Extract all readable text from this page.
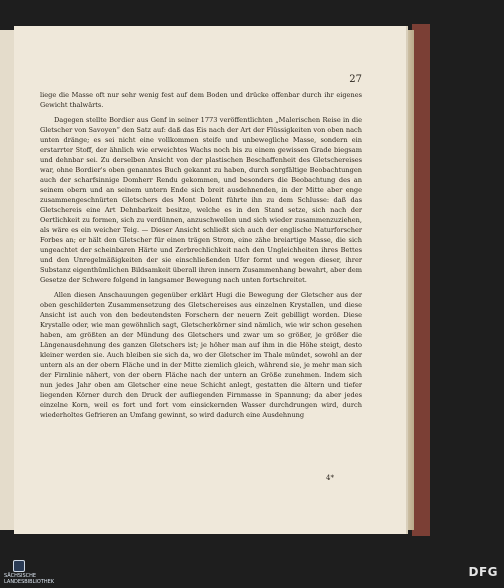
27

liege die Masse oft nur sehr wenig fest auf dem Boden und drücke offenbar durch ihr eigenes Gewicht thalwärts.

Dagegen stellte Bordier aus Genf in seiner 1773 veröffentlichten „Malerischen Reise in die Gletscher von Savoyen“ den Satz auf: daß das Eis nach der Art der Flüssigkeiten von oben nach unten dränge; es sei nicht eine vollkommen steife und unbewegliche Masse, sondern ein erstarrter Stoff, der ähnlich wie erweichtes Wachs noch bis zu einem gewissen Grade biegsam und dehnbar sei. Zu derselben Ansicht von der plastischen Beschaffenheit des Gletschereises war, ohne Bordier's oben genanntes Buch gekannt zu haben, durch sorgfältige Beobachtungen auch der scharfsinnige Domherr Rendu gekommen, und besonders die Beobachtung des an seinem obern und an seinem untern Ende sich breit ausdehnenden, in der Mitte aber enge zusammengeschnürten Gletschers des Mont Dolent führte ihn zu dem Schlusse: daß das Gletschereis eine Art Dehnbarkeit besitze, welche es in den Stand setze, sich nach der Oertlichkeit zu formen, sich zu verdünnen, anzuschwellen und sich wieder zusammenzuziehen, als wäre es ein weicher Teig. — Dieser Ansicht schließt sich auch der englische Naturforscher Forbes an; er hält den Gletscher für einen trägen Strom, eine zähe breiartige Masse, die sich ungeachtet der scheinbaren Härte und Zerbrechlichkeit nach den Ungleichheiten ihres Bettes und den Unregelmäßigkeiten der sie einschließenden Ufer formt und wegen dieser, ihrer Substanz eigenthümlichen Bildsamkeit überall ihren innern Zusammenhang bewahrt, aber dem Gesetze der Schwere folgend in langsamer Bewegung nach unten fortschreitet.

Allen diesen Anschauungen gegenüber erklärt Hugi die Bewegung der Gletscher aus der oben geschilderten Zusammensetzung des Gletschereises aus einzelnen Krystallen, und diese Ansicht ist auch von den bedeutendsten Forschern der neuern Zeit gebilligt worden. Diese Krystalle oder, wie man gewöhnlich sagt, Gletscherkörner sind nämlich, wie wir schon gesehen haben, am größten an der Mündung des Gletschers und zwar um so größer, je größer die Längenausdehnung des ganzen Gletschers ist; je höher man auf ihm in die Höhe steigt, desto kleiner werden sie. Auch bleiben sie sich da, wo der Gletscher im Thale mündet, sowohl an der untern als an der obern Fläche und in der Mitte ziemlich gleich, während sie, je mehr man sich der Firnlinie nähert, von der obern Fläche nach der untern an Größe zunehmen. Indem sich nun jedes Jahr oben am Gletscher eine neue Schicht anlegt, gestatten die ältern und tiefer liegenden Körner durch den Druck der aufliegenden Firnmasse in Spannung; da aber jedes einzelne Korn, weil es fort und fort vom einsickernden Wasser durchdrungen wird, durch wiederholtes Gefrieren an Umfang gewinnt, so wird dadurch eine Ausdehnung

4*
SÄCHSISCHE LANDESBIBLIOTHEK
DFG
